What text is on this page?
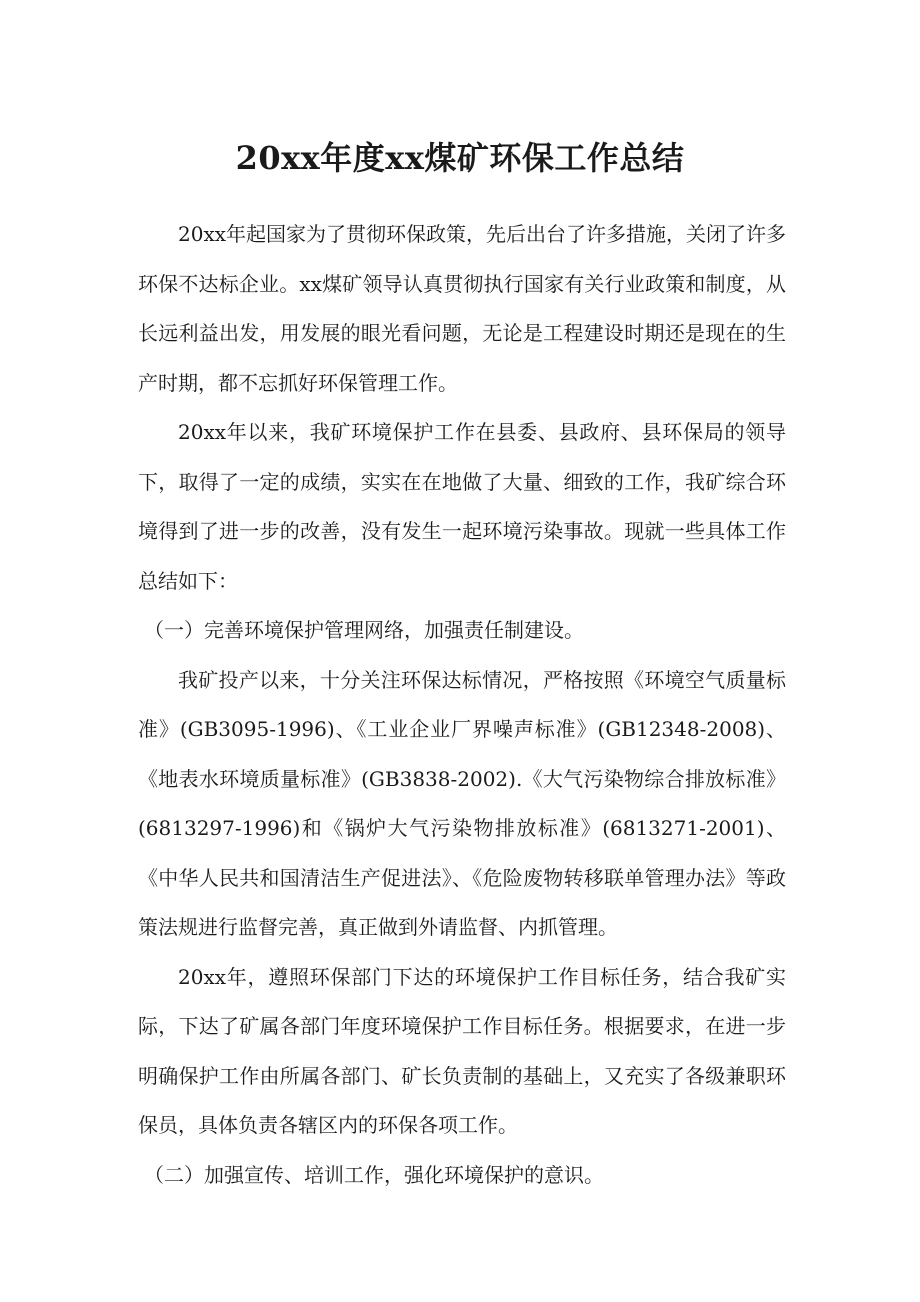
20xx年度xx煤矿环保工作总结

20xx年起国家为了贯彻环保政策，先后出台了许多措施，关闭了许多环保不达标企业。xx煤矿领导认真贯彻执行国家有关行业政策和制度，从长远利益出发，用发展的眼光看问题，无论是工程建设时期还是现在的生产时期，都不忘抓好环保管理工作。

20xx年以来，我矿环境保护工作在县委、县政府、县环保局的领导下，取得了一定的成绩，实实在在地做了大量、细致的工作，我矿综合环境得到了进一步的改善，没有发生一起环境污染事故。现就一些具体工作总结如下：

（一）完善环境保护管理网络，加强责任制建设。

我矿投产以来，十分关注环保达标情况，严格按照《环境空气质量标准》(GB3095-1996)、《工业企业厂界噪声标准》(GB12348-2008)、《地表水环境质量标准》(GB3838-2002).《大气污染物综合排放标准》(6813297-1996)和《锅炉大气污染物排放标准》(6813271-2001)、《中华人民共和国清洁生产促进法》、《危险废物转移联单管理办法》等政策法规进行监督完善，真正做到外请监督、内抓管理。

20xx年，遵照环保部门下达的环境保护工作目标任务，结合我矿实际，下达了矿属各部门年度环境保护工作目标任务。根据要求，在进一步明确保护工作由所属各部门、矿长负责制的基础上，又充实了各级兼职环保员，具体负责各辖区内的环保各项工作。

（二）加强宣传、培训工作，强化环境保护的意识。
